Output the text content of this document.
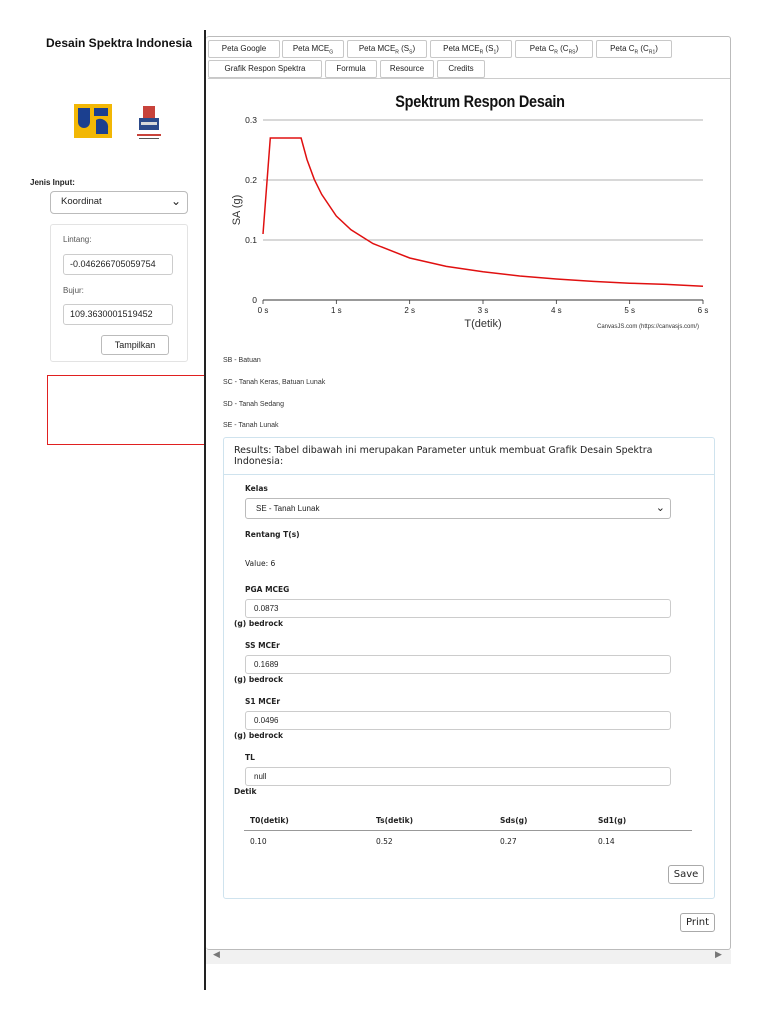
Desain Spektra Indonesia
Jenis Input:
Koordinat	⌄
Lintang:
-0.046266705059754
Bujur:
109.3630001519452
Tampilkan
Peta Google	Peta $MCE_G$	Peta $MCE_R$ $(S_S)$	Peta $MCE_R$ $(S_1)$	Peta $C_R$ $(C_{RS})$	Peta $C_R$ $(C_{R1})$
Grafik Respon Spektra	Formula	Resource	Credits
Spektrum Respon Desain
0
0.1
0.2
0.3
0 s	1 s	2 s	3 s	4 s	5 s	6 s
T(detik)
SA (g)
CanvasJS.com (https://canvasjs.com/)
SB - Batuan
SC - Tanah Keras, Batuan Lunak
SD - Tanah Sedang
SE - Tanah Lunak
Results: Tabel dibawah ini merupakan Parameter untuk membuat Grafik Desain Spektra Indonesia:
Kelas
SE - Tanah Lunak	⌄
Rentang T(s)
Value: 6
PGA MCEG
0.0873
(g) bedrock
SS MCEr
0.1689
(g) bedrock
S1 MCEr
0.0496
(g) bedrock
TL
null
Detik
T0(detik)	Ts(detik)	Sds(g)	Sd1(g)
0.10	0.52	0.27	0.14
Save
Print
◀	▶
